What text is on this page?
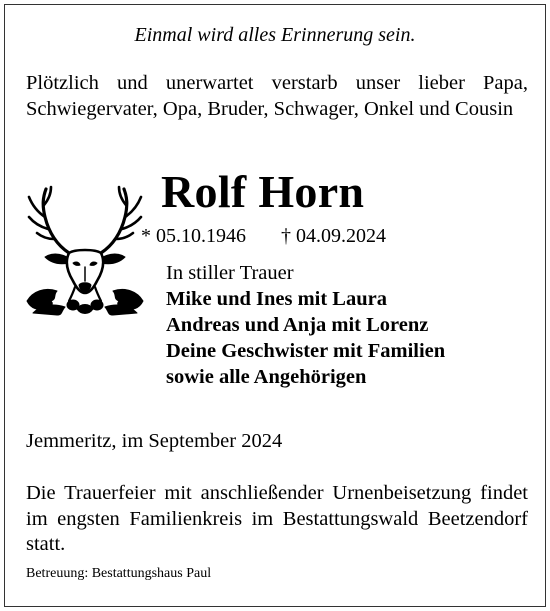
Einmal wird alles Erinnerung sein.
Plötzlich und unerwartet verstarb unser lieber Papa, Schwiegervater, Opa, Bruder, Schwager, Onkel und Cousin
Rolf Horn
* 05.10.1946 † 04.09.2024
In stiller Trauer
Mike und Ines mit Laura
Andreas und Anja mit Lorenz
Deine Geschwister mit Familien
sowie alle Angehörigen
Jemmeritz, im September 2024
Die Trauerfeier mit anschließender Urnenbeisetzung findet im engsten Familienkreis im Bestattungswald Beetzendorf statt.
Betreuung: Bestattungshaus Paul
